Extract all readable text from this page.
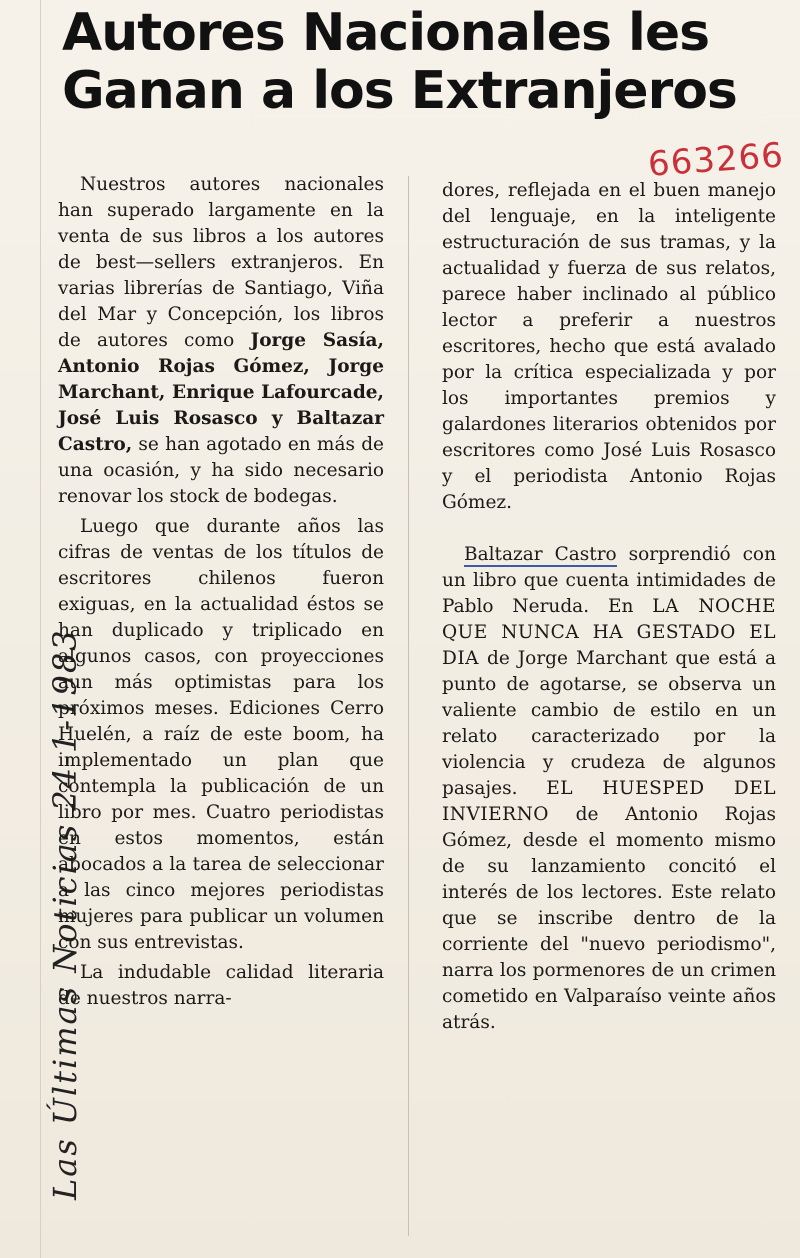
Las Últimas Noticias 24-1-1983
Autores Nacionales les
Ganan a los Extranjeros
663266

Nuestros autores nacionales han superado largamente en la venta de sus libros a los autores de best—sellers extranjeros. En varias librerías de Santiago, Viña del Mar y Concepción, los libros de autores como Jorge Sasía, Antonio Rojas Gómez, Jorge Marchant, Enrique Lafourcade, José Luis Rosasco y Baltazar Castro, se han agotado en más de una ocasión, y ha sido necesario renovar los stock de bodegas.

Luego que durante años las cifras de ventas de los títulos de escritores chilenos fueron exiguas, en la actualidad éstos se han duplicado y triplicado en algunos casos, con proyecciones aun más optimistas para los próximos meses. Ediciones Cerro Huelén, a raíz de este boom, ha implementado un plan que contempla la publicación de un libro por mes. Cuatro periodistas en estos momentos, están abocados a la tarea de seleccionar a las cinco mejores periodistas mujeres para publicar un volumen con sus entrevistas.

La indudable calidad literaria de nuestros narra-

dores, reflejada en el buen manejo del lenguaje, en la inteligente estructuración de sus tramas, y la actualidad y fuerza de sus relatos, parece haber inclinado al público lector a preferir a nuestros escritores, hecho que está avalado por la crítica especializada y por los importantes premios y galardones literarios obtenidos por escritores como José Luis Rosasco y el periodista Antonio Rojas Gómez.

Baltazar Castro sorprendió con un libro que cuenta intimidades de Pablo Neruda. En LA NOCHE QUE NUNCA HA GESTADO EL DIA de Jorge Marchant que está a punto de agotarse, se observa un valiente cambio de estilo en un relato caracterizado por la violencia y crudeza de algunos pasajes. EL HUESPED DEL INVIERNO de Antonio Rojas Gómez, desde el momento mismo de su lanzamiento concitó el interés de los lectores. Este relato que se inscribe dentro de la corriente del "nuevo periodismo", narra los pormenores de un crimen cometido en Valparaíso veinte años atrás.
